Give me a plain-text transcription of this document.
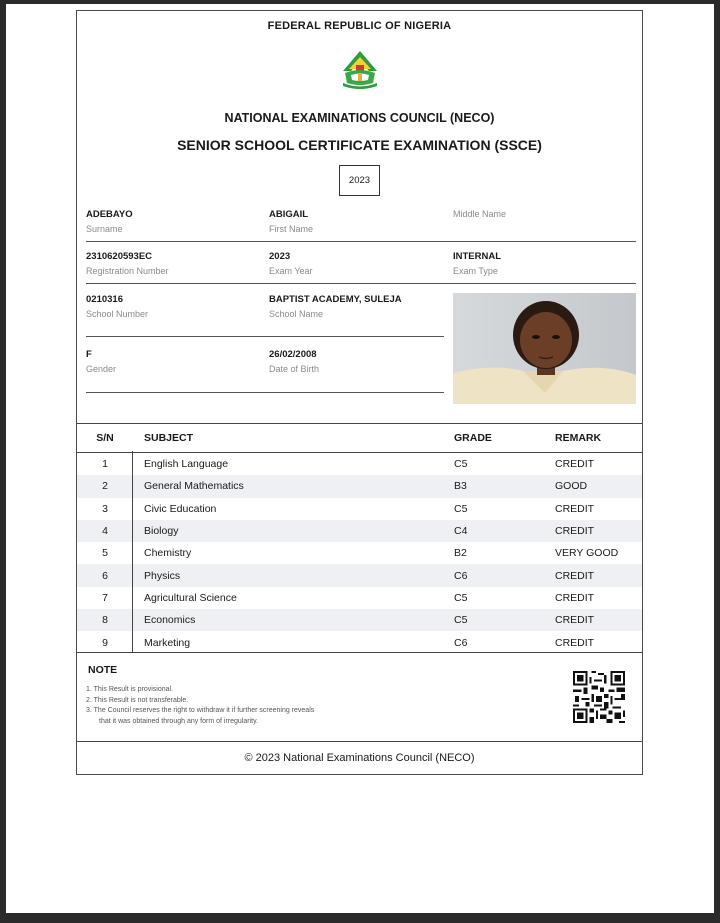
FEDERAL REPUBLIC OF NIGERIA
NATIONAL EXAMINATIONS COUNCIL (NECO)
SENIOR SCHOOL CERTIFICATE EXAMINATION (SSCE)
2023
ADEBAYO
Surname
ABIGAIL
First Name
Middle Name
2310620593EC
Registration Number
2023
Exam Year
INTERNAL
Exam Type
0210316
School Number
BAPTIST ACADEMY, SULEJA
School Name
F
Gender
26/02/2008
Date of Birth
S/N	SUBJECT	GRADE	REMARK
1	English Language	C5	CREDIT
2	General Mathematics	B3	GOOD
3	Civic Education	C5	CREDIT
4	Biology	C4	CREDIT
5	Chemistry	B2	VERY GOOD
6	Physics	C6	CREDIT
7	Agricultural Science	C5	CREDIT
8	Economics	C5	CREDIT
9	Marketing	C6	CREDIT
NOTE
1. This Result is provisional.
2. This Result is not transferable.
3. The Council reserves the right to withdraw it if further screening reveals
that it was obtained through any form of irregularity.
© 2023 National Examinations Council (NECO)
